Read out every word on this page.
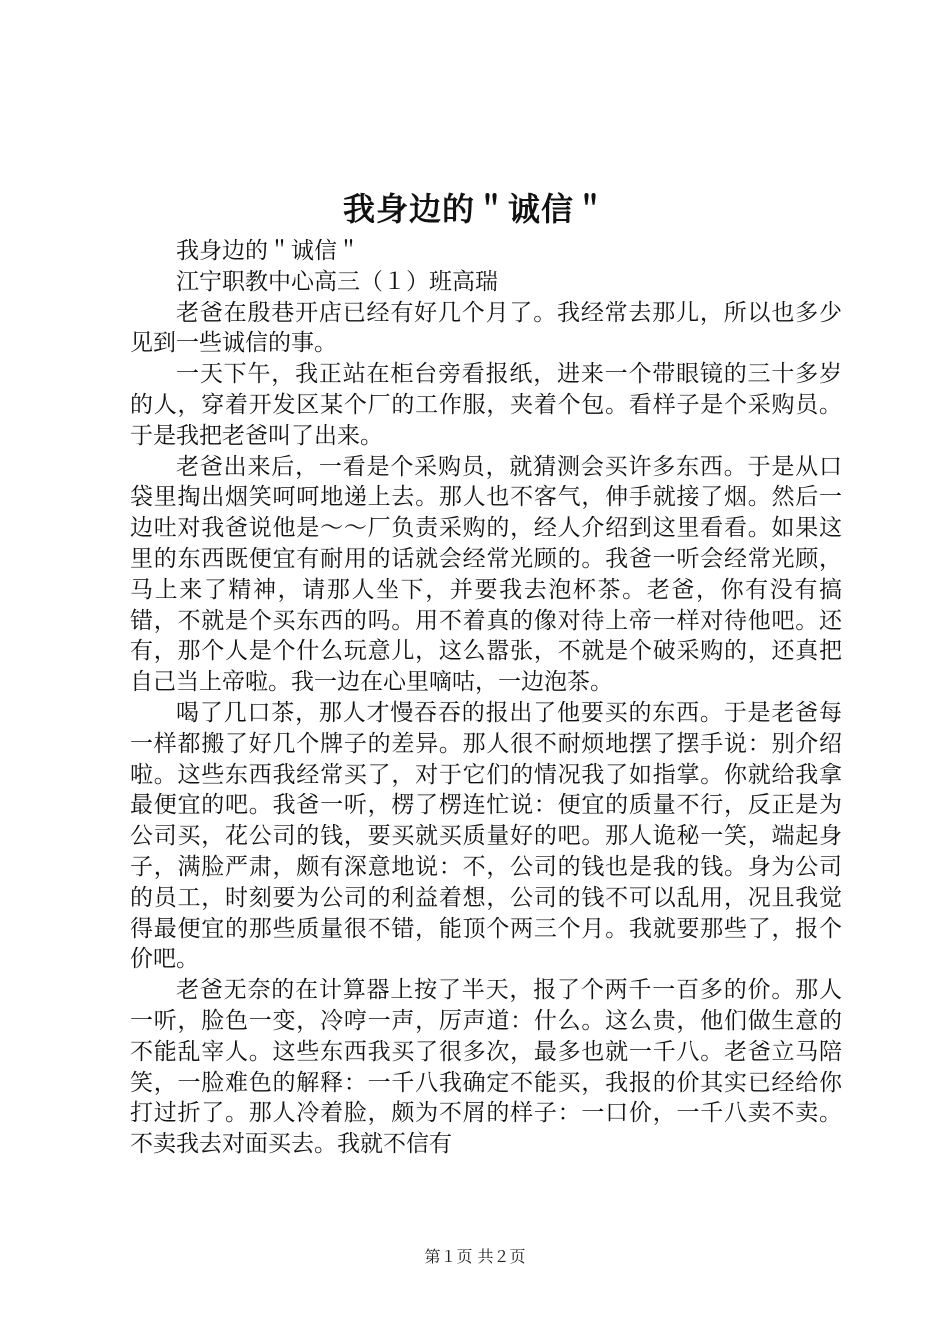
我身边的＂诚信＂

我身边的＂诚信＂

江宁职教中心高三（１）班高瑞

老爸在殷巷开店已经有好几个月了。我经常去那儿，所以也多少见到一些诚信的事。

一天下午，我正站在柜台旁看报纸，进来一个带眼镜的三十多岁的人，穿着开发区某个厂的工作服，夹着个包。看样子是个采购员。于是我把老爸叫了出来。

老爸出来后，一看是个采购员，就猜测会买许多东西。于是从口袋里掏出烟笑呵呵地递上去。那人也不客气，伸手就接了烟。然后一边吐对我爸说他是～～厂负责采购的，经人介绍到这里看看。如果这里的东西既便宜有耐用的话就会经常光顾的。我爸一听会经常光顾，马上来了精神，请那人坐下，并要我去泡杯茶。老爸，你有没有搞错，不就是个买东西的吗。用不着真的像对待上帝一样对待他吧。还有，那个人是个什么玩意儿，这么嚣张，不就是个破采购的，还真把自己当上帝啦。我一边在心里嘀咕，一边泡茶。

喝了几口茶，那人才慢吞吞的报出了他要买的东西。于是老爸每一样都搬了好几个牌子的差异。那人很不耐烦地摆了摆手说：别介绍啦。这些东西我经常买了，对于它们的情况我了如指掌。你就给我拿最便宜的吧。我爸一听，楞了楞连忙说：便宜的质量不行，反正是为公司买，花公司的钱，要买就买质量好的吧。那人诡秘一笑，端起身子，满脸严肃，颇有深意地说：不，公司的钱也是我的钱。身为公司的员工，时刻要为公司的利益着想，公司的钱不可以乱用，况且我觉得最便宜的那些质量很不错，能顶个两三个月。我就要那些了，报个价吧。

老爸无奈的在计算器上按了半天，报了个两千一百多的价。那人一听，脸色一变，冷哼一声，厉声道：什么。这么贵，他们做生意的不能乱宰人。这些东西我买了很多次，最多也就一千八。老爸立马陪笑，一脸难色的解释：一千八我确定不能买，我报的价其实已经给你打过折了。那人冷着脸，颇为不屑的样子：一口价，一千八卖不卖。不卖我去对面买去。我就不信有

第１页 共２页
